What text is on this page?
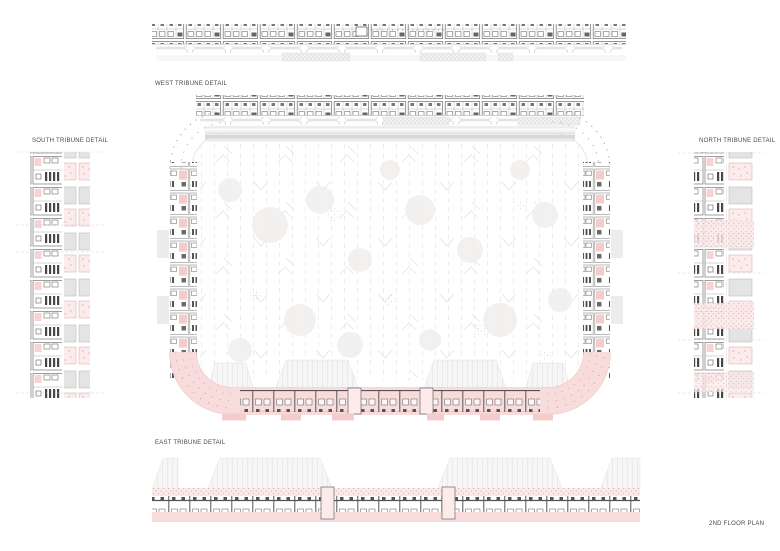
WEST TRIBUNE DETAIL
SOUTH TRIBUNE DETAIL	NORTH TRIBUNE DETAIL
EAST TRIBUNE DETAIL
2ND FLOOR PLAN
